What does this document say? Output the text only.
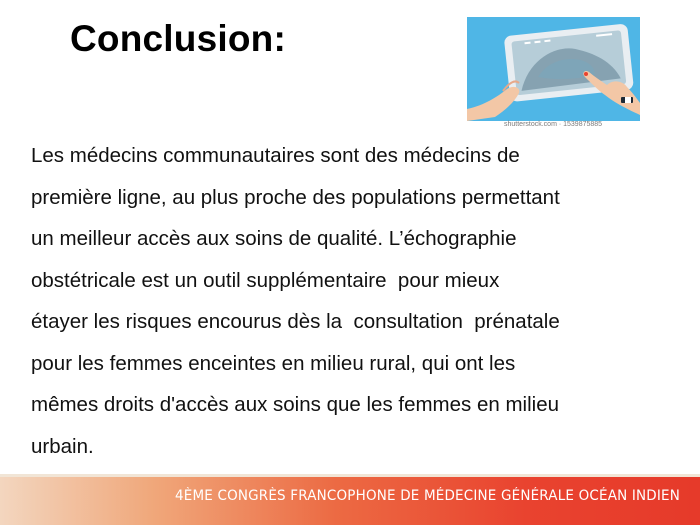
Conclusion:
shutterstock.com · 1539875885
Les médecins communautaires sont des médecins de
première ligne, au plus proche des populations permettant
un meilleur accès aux soins de qualité. L’échographie
obstétricale est un outil supplémentaire  pour mieux
étayer les risques encourus dès la  consultation  prénatale
pour les femmes enceintes en milieu rural, qui ont les
mêmes droits d'accès aux soins que les femmes en milieu
urbain.
4ÈME CONGRÈS FRANCOPHONE DE MÉDECINE GÉNÉRALE OCÉAN INDIEN
